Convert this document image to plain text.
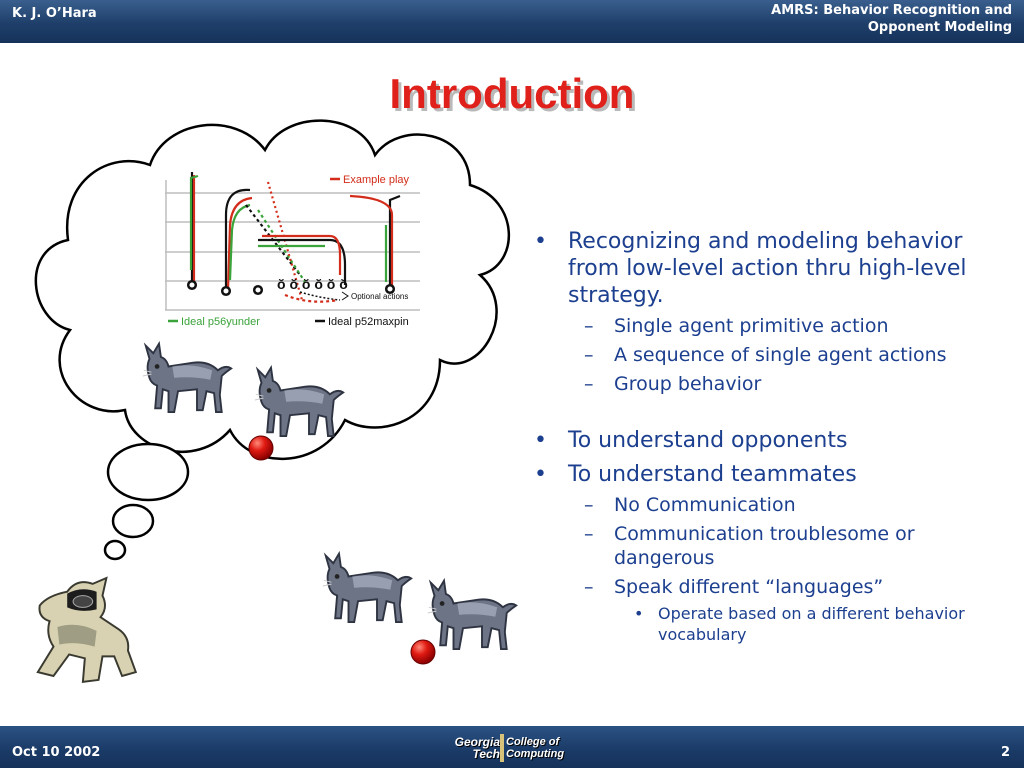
K. J. O’Hara	AMRS: Behavior Recognition and
Opponent Modeling
Introduction
ŏ ŏ ŏ ŏ ŏ ŏ
Example play
Optional actions
Ideal p56yunder	Ideal p52maxpin
• Recognizing and modeling behavior from low-level action thru high-level strategy.
– Single agent primitive action
– A sequence of single agent actions
– Group behavior
• To understand opponents
• To understand teammates
– No Communication
– Communication troublesome or dangerous
– Speak different “languages”
• Operate based on a different behavior vocabulary
Oct 10 2002
Georgia
Tech
College of
Computing	2
